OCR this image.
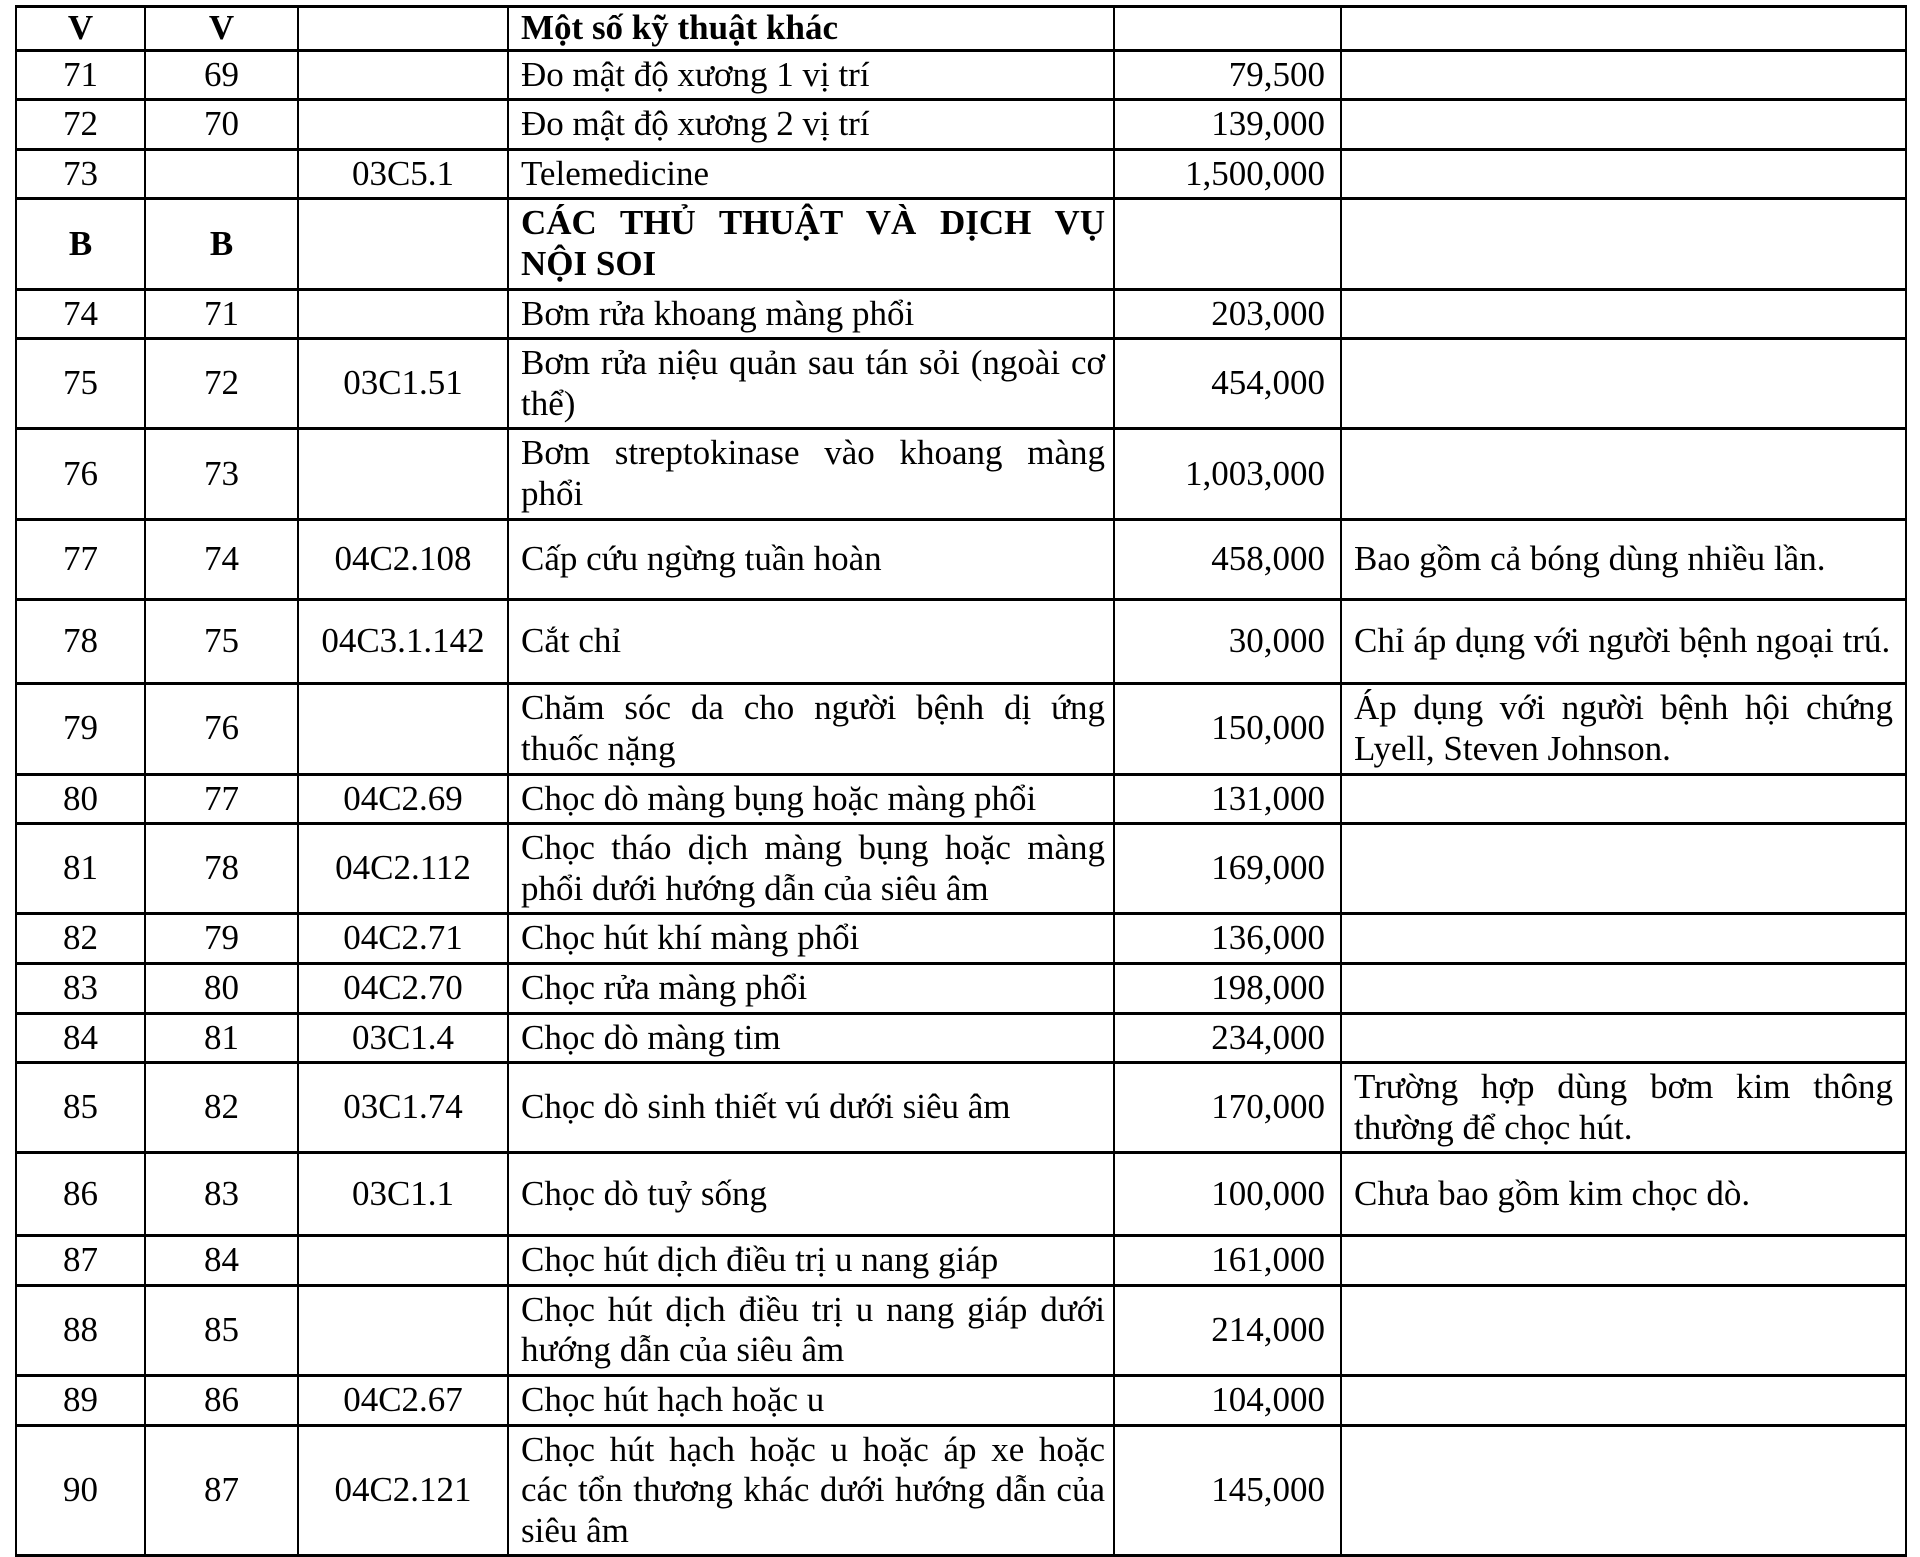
V	V		Một số kỹ thuật khác		
71	69		Đo mật độ xương 1 vị trí	79,500	
72	70		Đo mật độ xương 2 vị trí	139,000	
73		03C5.1	Telemedicine	1,500,000	
B	B		CÁC THỦ THUẬT VÀ DỊCH VỤ NỘI SOI		
74	71		Bơm rửa khoang màng phổi	203,000	
75	72	03C1.51	Bơm rửa niệu quản sau tán sỏi (ngoài cơ thể)	454,000	
76	73		Bơm streptokinase vào khoang màng phổi	1,003,000	
77	74	04C2.108	Cấp cứu ngừng tuần hoàn	458,000	Bao gồm cả bóng dùng nhiều lần.
78	75	04C3.1.142	Cắt chỉ	30,000	Chỉ áp dụng với người bệnh ngoại trú.
79	76		Chăm sóc da cho người bệnh dị ứng thuốc nặng	150,000	Áp dụng với người bệnh hội chứng Lyell, Steven Johnson.
80	77	04C2.69	Chọc dò màng bụng hoặc màng phổi	131,000	
81	78	04C2.112	Chọc tháo dịch màng bụng hoặc màng phổi dưới hướng dẫn của siêu âm	169,000	
82	79	04C2.71	Chọc hút khí màng phổi	136,000	
83	80	04C2.70	Chọc rửa màng phổi	198,000	
84	81	03C1.4	Chọc dò màng tim	234,000	
85	82	03C1.74	Chọc dò sinh thiết vú dưới siêu âm	170,000	Trường hợp dùng bơm kim thông thường để chọc hút.
86	83	03C1.1	Chọc dò tuỷ sống	100,000	Chưa bao gồm kim chọc dò.
87	84		Chọc hút dịch điều trị u nang giáp	161,000	
88	85		Chọc hút dịch điều trị u nang giáp dưới hướng dẫn của siêu âm	214,000	
89	86	04C2.67	Chọc hút hạch hoặc u	104,000	
90	87	04C2.121	Chọc hút hạch hoặc u hoặc áp xe hoặc các tổn thương khác dưới hướng dẫn của siêu âm	145,000	
